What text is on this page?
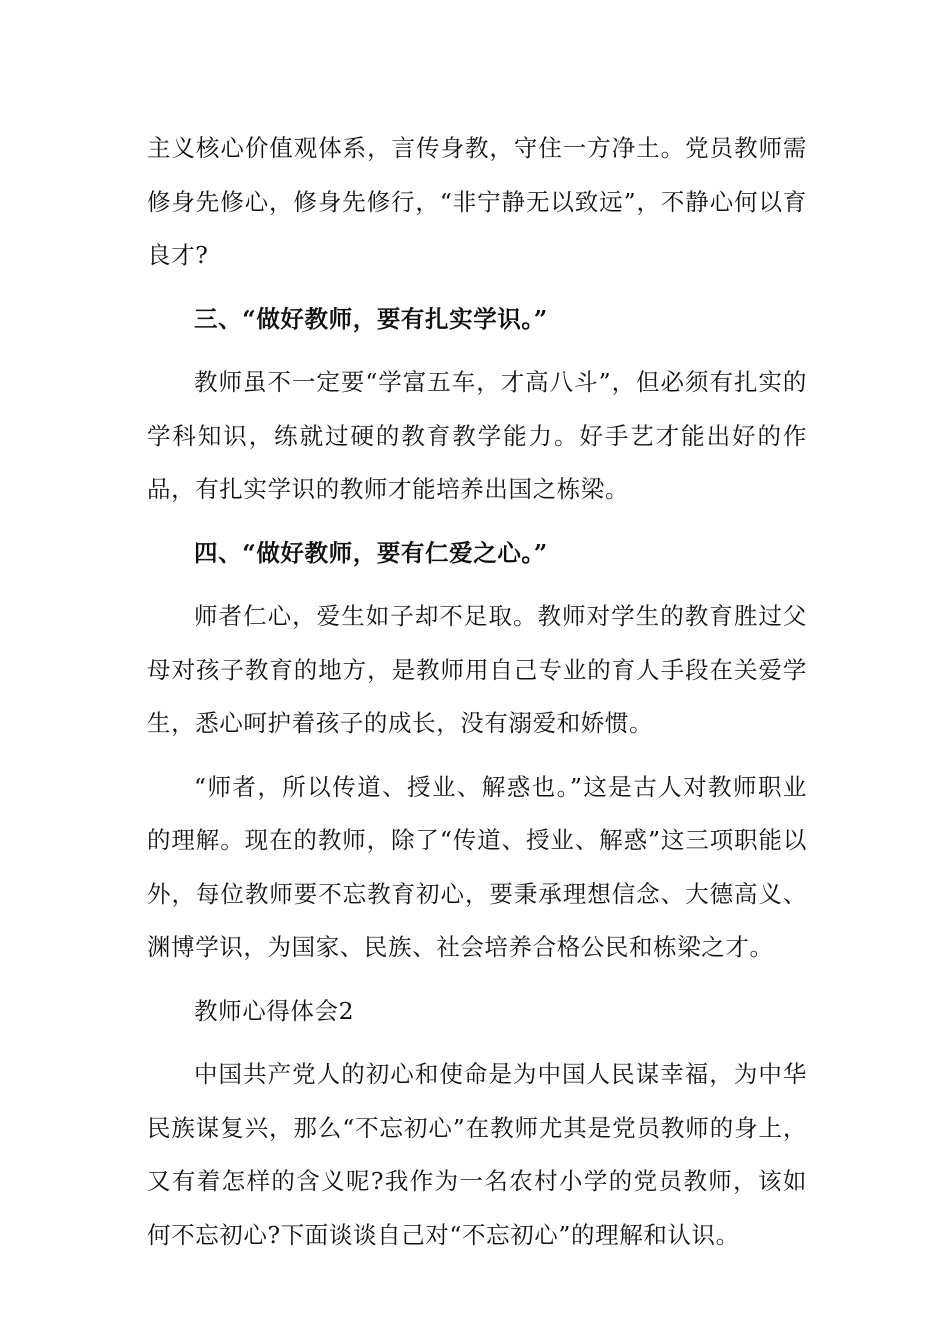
主义核心价值观体系，言传身教，守住一方净土。党员教师需修身先修心，修身先修行，“非宁静无以致远”，不静心何以育良才?

三、“做好教师，要有扎实学识。”

教师虽不一定要“学富五车，才高八斗”，但必须有扎实的学科知识，练就过硬的教育教学能力。好手艺才能出好的作品，有扎实学识的教师才能培养出国之栋梁。

四、“做好教师，要有仁爱之心。”

师者仁心，爱生如子却不足取。教师对学生的教育胜过父母对孩子教育的地方，是教师用自己专业的育人手段在关爱学生，悉心呵护着孩子的成长，没有溺爱和娇惯。

“师者，所以传道、授业、解惑也。”这是古人对教师职业的理解。现在的教师，除了“传道、授业、解惑”这三项职能以外，每位教师要不忘教育初心，要秉承理想信念、大德高义、渊博学识，为国家、民族、社会培养合格公民和栋梁之才。

教师心得体会2

中国共产党人的初心和使命是为中国人民谋幸福，为中华民族谋复兴，那么“不忘初心”在教师尤其是党员教师的身上，又有着怎样的含义呢?我作为一名农村小学的党员教师，该如何不忘初心?下面谈谈自己对“不忘初心”的理解和认识。
